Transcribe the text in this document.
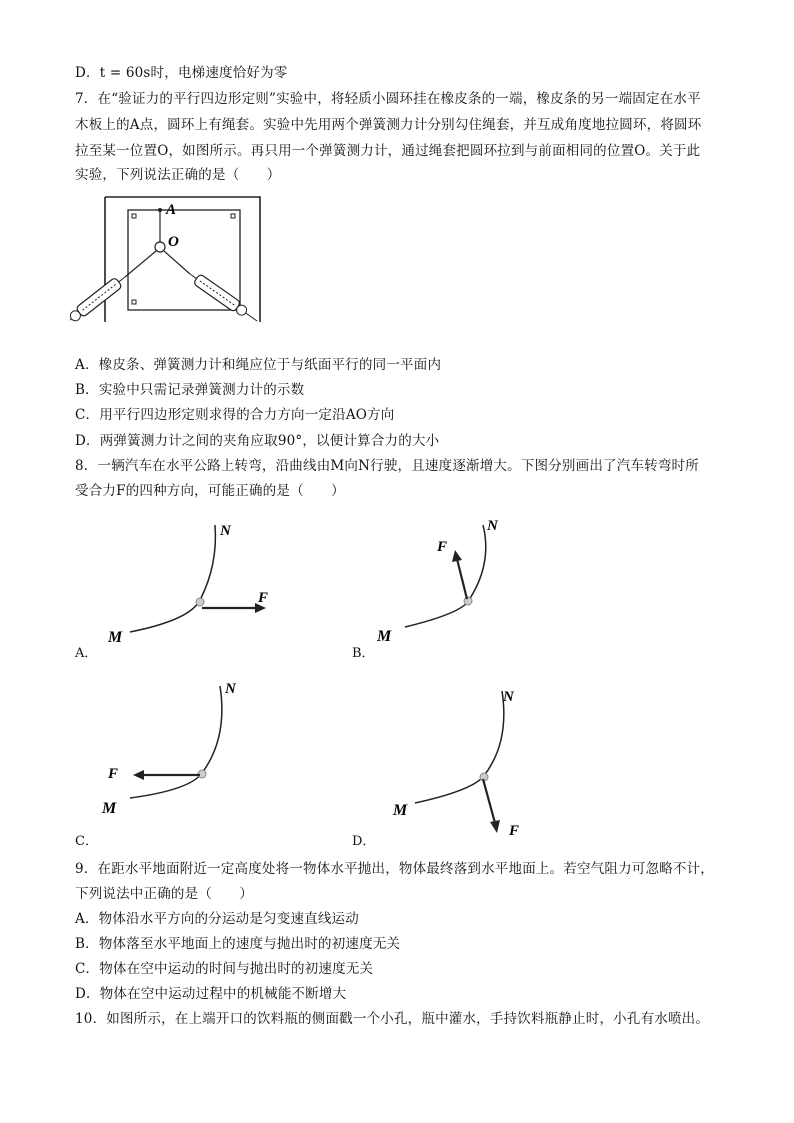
D．t = 60s时，电梯速度恰好为零
7．在“验证力的平行四边形定则”实验中，将轻质小圆环挂在橡皮条的一端，橡皮条的另一端固定在水平
木板上的A点，圆环上有绳套。实验中先用两个弹簧测力计分别勾住绳套，并互成角度地拉圆环，将圆环
拉至某一位置O，如图所示。再只用一个弹簧测力计，通过绳套把圆环拉到与前面相同的位置O。关于此
实验，下列说法正确的是（　　）
A
O
A．橡皮条、弹簧测力计和绳应位于与纸面平行的同一平面内
B．实验中只需记录弹簧测力计的示数
C．用平行四边形定则求得的合力方向一定沿AO方向
D．两弹簧测力计之间的夹角应取90°，以便计算合力的大小
8．一辆汽车在水平公路上转弯，沿曲线由M向N行驶，且速度逐渐增大。下图分别画出了汽车转弯时所
受合力F的四种方向，可能正确的是（　　）
A．
N
M
F
B．
N
M
F
C．
N
M
F
D．
N
M
F
9．在距水平地面附近一定高度处将一物体水平抛出，物体最终落到水平地面上。若空气阻力可忽略不计，
下列说法中正确的是（　　）
A．物体沿水平方向的分运动是匀变速直线运动
B．物体落至水平地面上的速度与抛出时的初速度无关
C．物体在空中运动的时间与抛出时的初速度无关
D．物体在空中运动过程中的机械能不断增大
10．如图所示，在上端开口的饮料瓶的侧面戳一个小孔，瓶中灌水，手持饮料瓶静止时，小孔有水喷出。
